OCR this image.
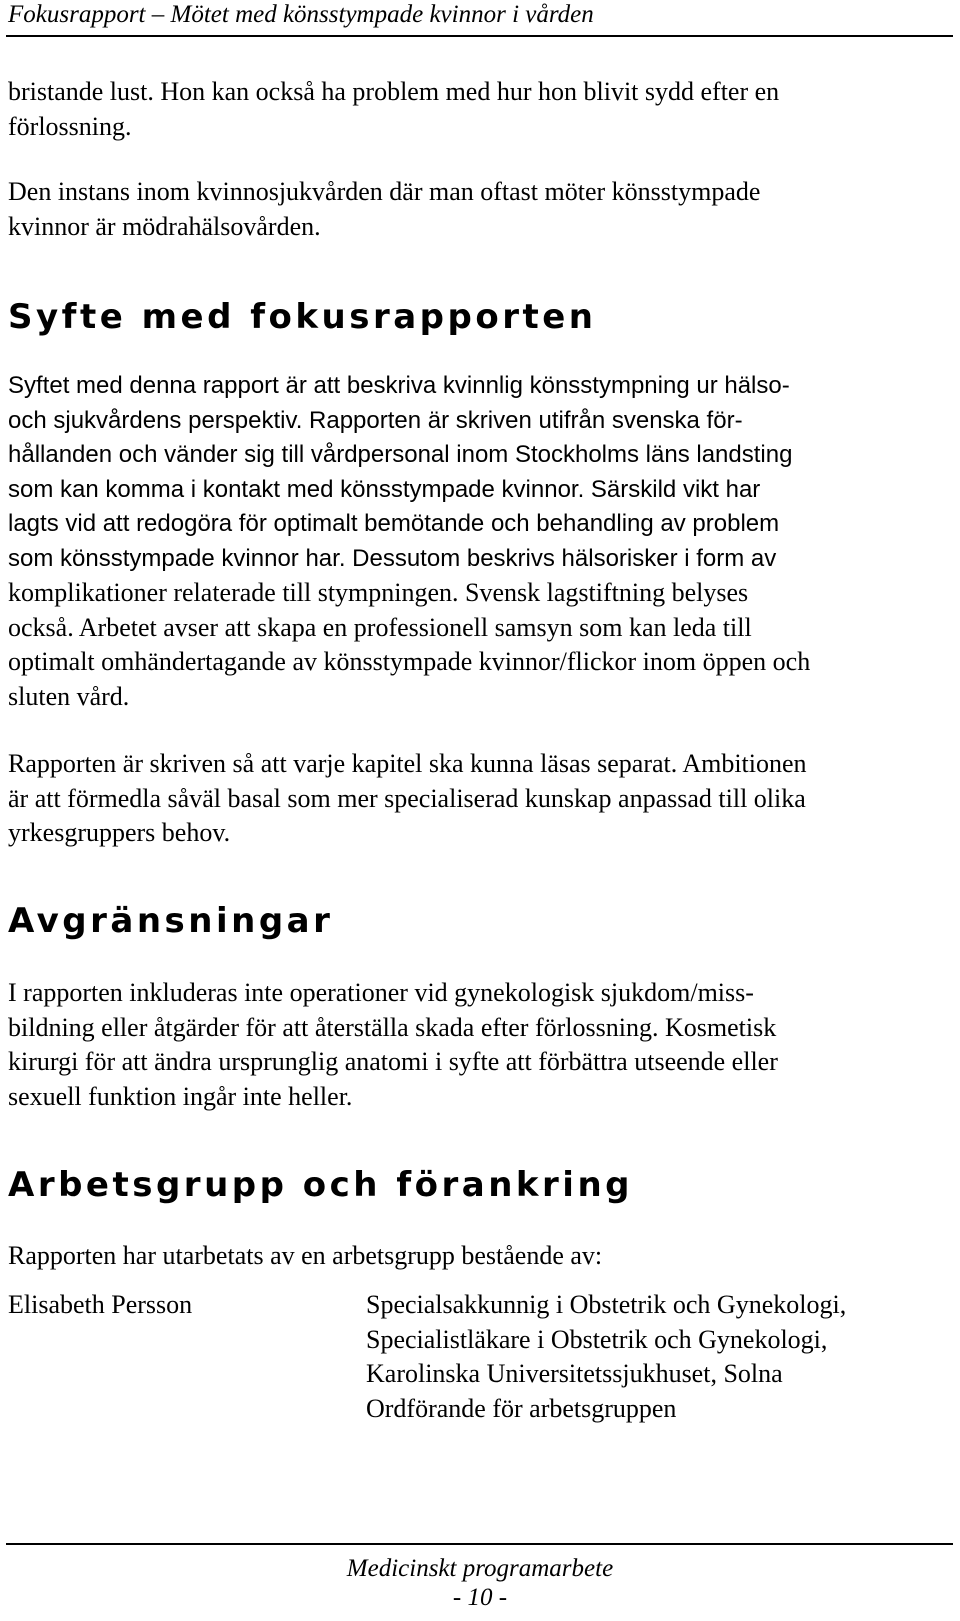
Fokusrapport – Mötet med könsstympade kvinnor i vården
bristande lust. Hon kan också ha problem med hur hon blivit sydd efter en
förlossning.
Den instans inom kvinnosjukvården där man oftast möter könsstympade
kvinnor är mödrahälsovården.
Syfte med fokusrapporten
Syftet med denna rapport är att beskriva kvinnlig könsstympning ur hälso-
och sjukvårdens perspektiv. Rapporten är skriven utifrån svenska för-
hållanden och vänder sig till vårdpersonal inom Stockholms läns landsting
som kan komma i kontakt med könsstympade kvinnor. Särskild vikt har
lagts vid att redogöra för optimalt bemötande och behandling av problem
som könsstympade kvinnor har. Dessutom beskrivs hälsorisker i form av
komplikationer relaterade till stympningen. Svensk lagstiftning belyses
också. Arbetet avser att skapa en professionell samsyn som kan leda till
optimalt omhändertagande av könsstympade kvinnor/flickor inom öppen och
sluten vård.
Rapporten är skriven så att varje kapitel ska kunna läsas separat. Ambitionen
är att förmedla såväl basal som mer specialiserad kunskap anpassad till olika
yrkesgruppers behov.
Avgränsningar
I rapporten inkluderas inte operationer vid gynekologisk sjukdom/miss-
bildning eller åtgärder för att återställa skada efter förlossning. Kosmetisk
kirurgi för att ändra ursprunglig anatomi i syfte att förbättra utseende eller
sexuell funktion ingår inte heller.
Arbetsgrupp och förankring
Rapporten har utarbetats av en arbetsgrupp bestående av:
Elisabeth Persson	Specialsakkunnig i Obstetrik och Gynekologi,
Specialistläkare i Obstetrik och Gynekologi,
Karolinska Universitetssjukhuset, Solna
Ordförande för arbetsgruppen
Medicinskt programarbete
- 10 -
